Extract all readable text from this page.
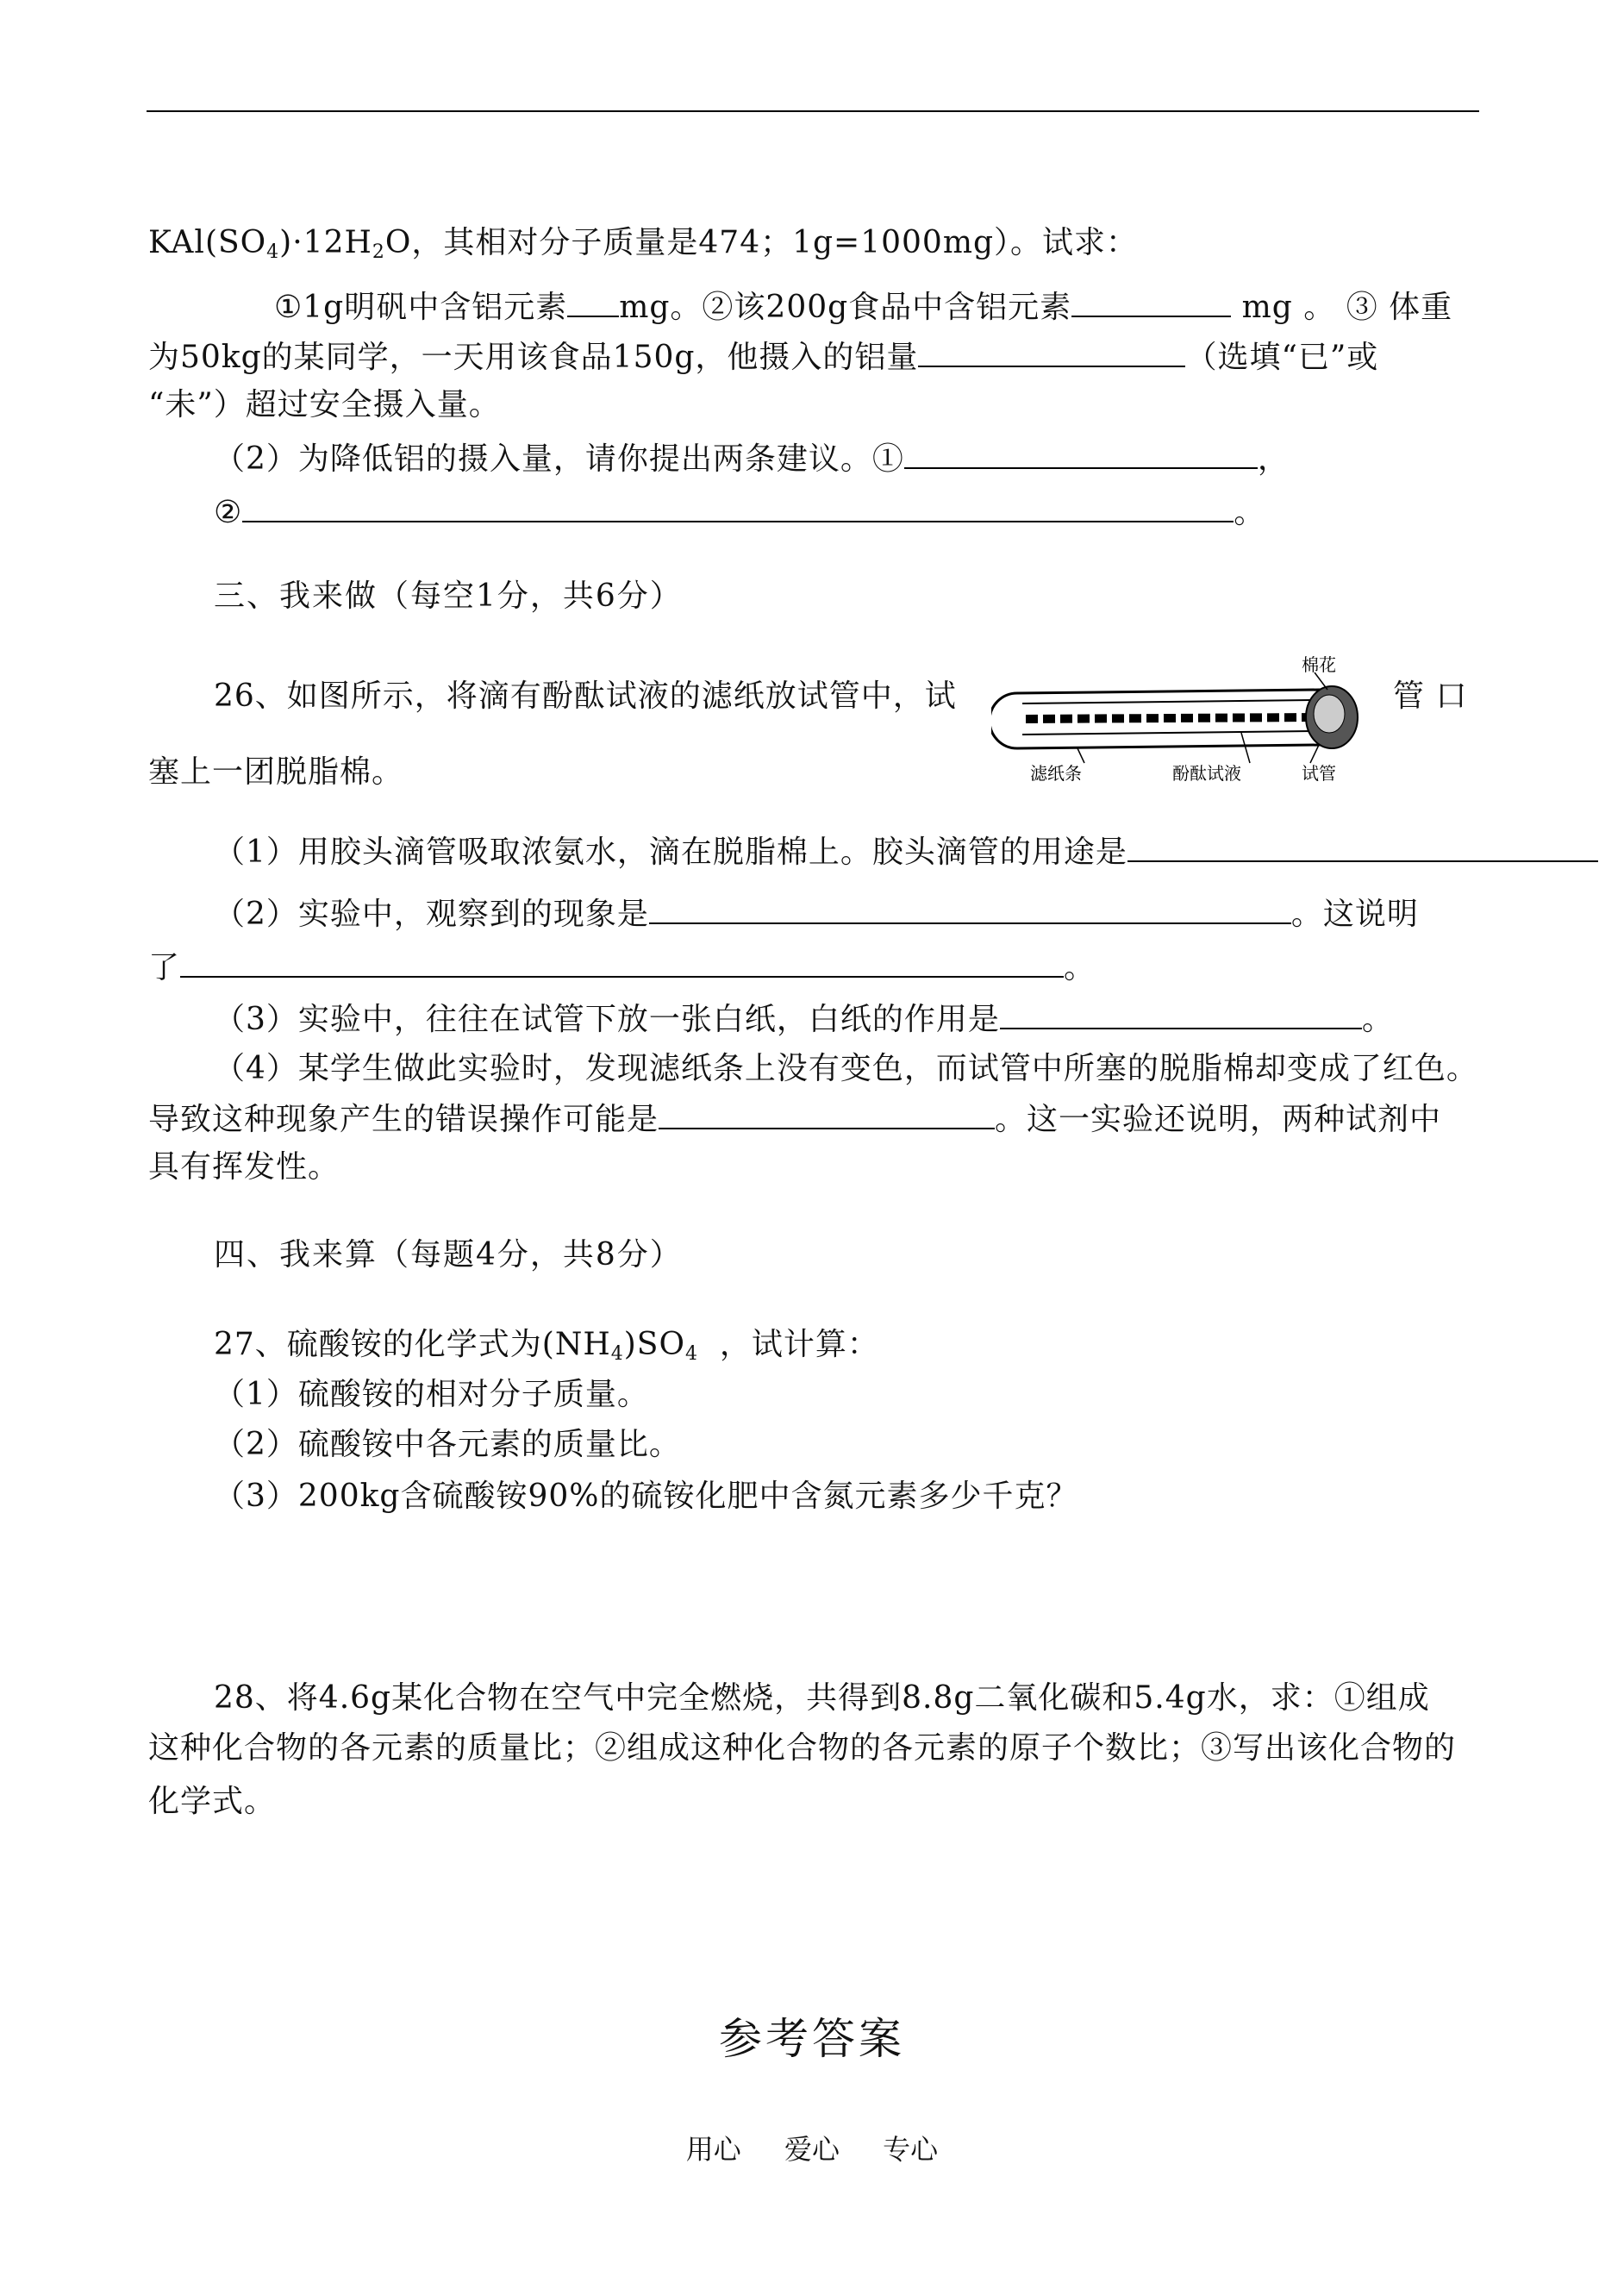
$KAl(SO_4)\cdot 12H_2O$，其相对分子质量是474；1g=1000mg）。试求：
①1g明矾中含铝元素 mg。②该200g食品中含铝元素	mg 。 ③ 体重
为50kg的某同学，一天用该食品150g，他摄入的铝量	（选填“已”或
“未”）超过安全摄入量。
（2）为降低铝的摄入量，请你提出两条建议。①	，
②	。
三、我来做（每空1分，共6分）
26、如图所示，将滴有酚酞试液的滤纸放试管中，试	管 口
塞上一团脱脂棉。
棉花
滤纸条	酚酞试液	试管
（1）用胶头滴管吸取浓氨水，滴在脱脂棉上。胶头滴管的用途是
（2）实验中，观察到的现象是	。这说明
了	。
（3）实验中，往往在试管下放一张白纸，白纸的作用是	。
（4）某学生做此实验时，发现滤纸条上没有变色，而试管中所塞的脱脂棉却变成了红色。
导致这种现象产生的错误操作可能是	。这一实验还说明，两种试剂中
具有挥发性。
四、我来算（每题4分，共8分）
27、硫酸铵的化学式为$(NH_4)SO_4$ ，试计算：
（1）硫酸铵的相对分子质量。
（2）硫酸铵中各元素的质量比。
（3）200kg含硫酸铵90%的硫铵化肥中含氮元素多少千克？
28、将4.6g某化合物在空气中完全燃烧，共得到8.8g二氧化碳和5.4g水，求：①组成
这种化合物的各元素的质量比；②组成这种化合物的各元素的原子个数比；③写出该化合物的
化学式。
参考答案
用心 爱心 专心
